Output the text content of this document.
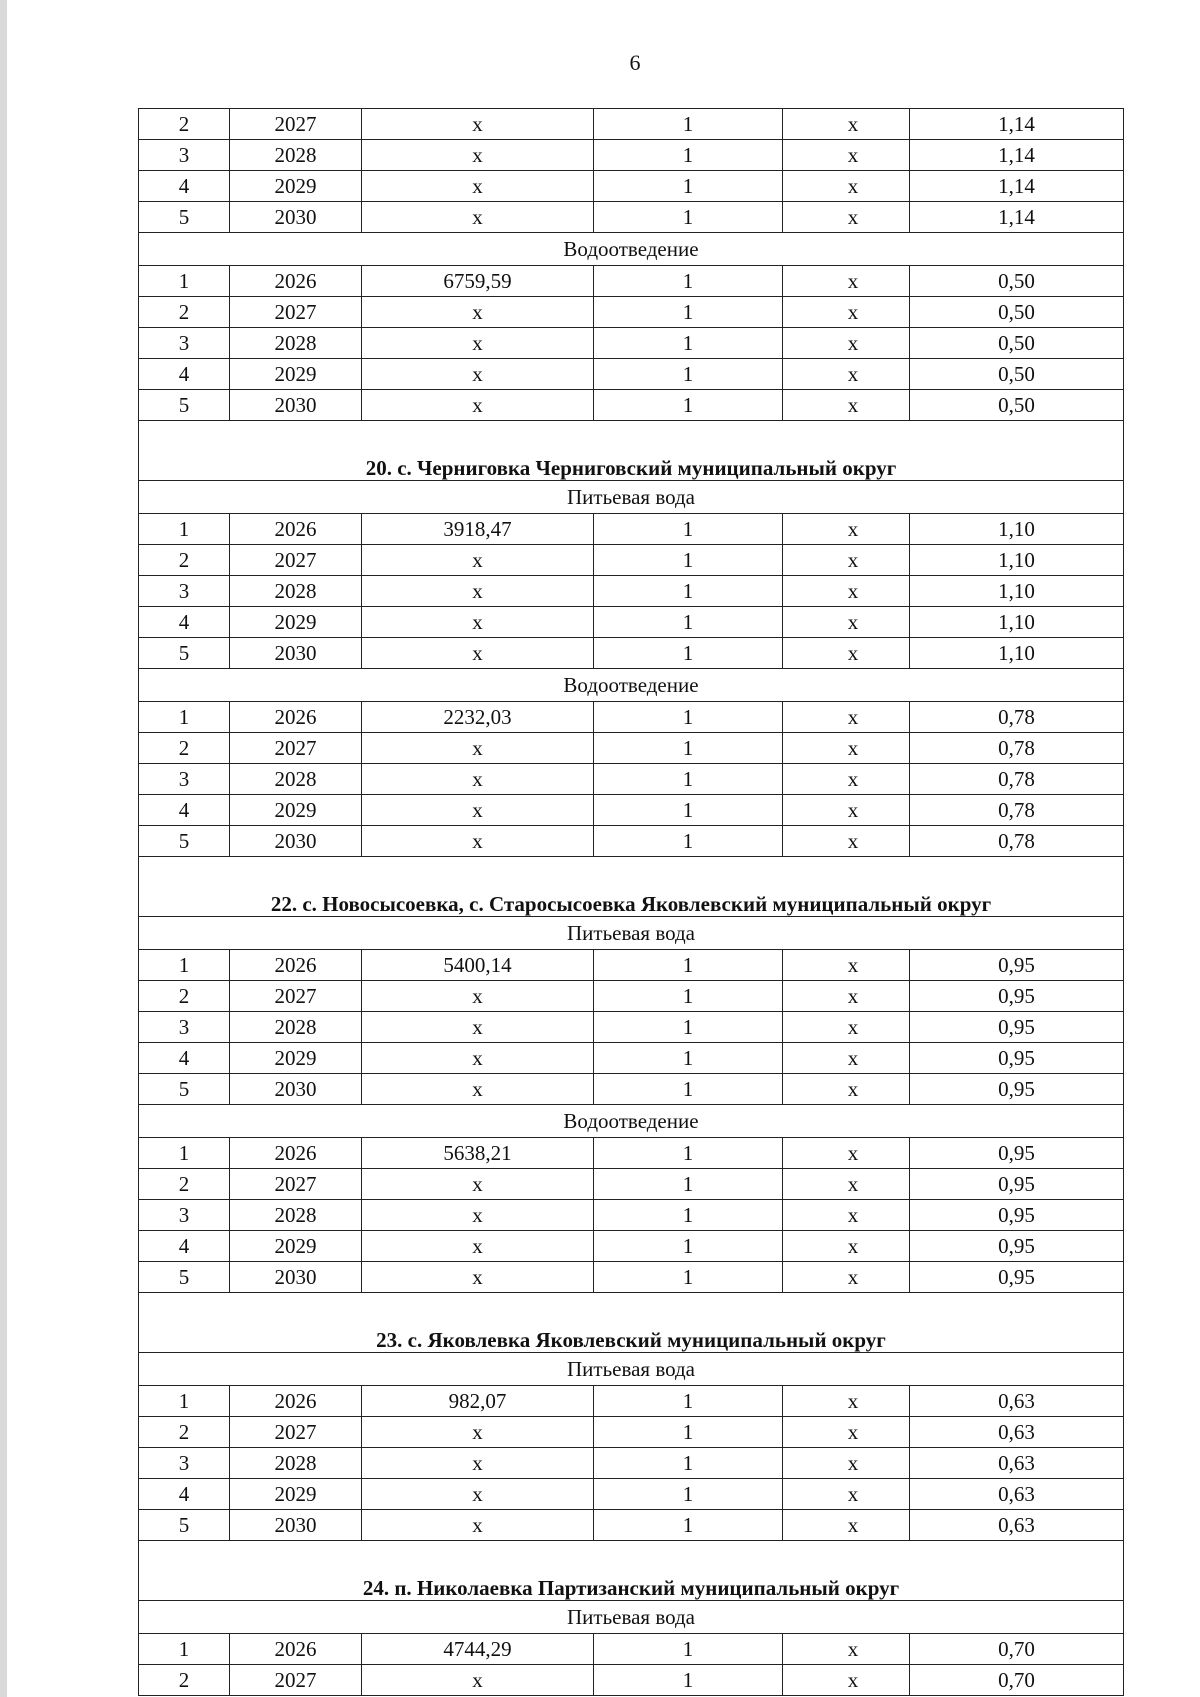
6
2	2027	x	1	x	1,14
3	2028	x	1	x	1,14
4	2029	x	1	x	1,14
5	2030	x	1	x	1,14
Водоотведение					
1	2026	6759,59	1	x	0,50
2	2027	x	1	x	0,50
3	2028	x	1	x	0,50
4	2029	x	1	x	0,50
5	2030	x	1	x	0,50
20. с. Черниговка Черниговский муниципальный округ					
Питьевая вода					
1	2026	3918,47	1	x	1,10
2	2027	x	1	x	1,10
3	2028	x	1	x	1,10
4	2029	x	1	x	1,10
5	2030	x	1	x	1,10
Водоотведение					
1	2026	2232,03	1	x	0,78
2	2027	x	1	x	0,78
3	2028	x	1	x	0,78
4	2029	x	1	x	0,78
5	2030	x	1	x	0,78
22. с. Новосысоевка, с. Старосысоевка Яковлевский муниципальный округ					
Питьевая вода					
1	2026	5400,14	1	x	0,95
2	2027	x	1	x	0,95
3	2028	x	1	x	0,95
4	2029	x	1	x	0,95
5	2030	x	1	x	0,95
Водоотведение					
1	2026	5638,21	1	x	0,95
2	2027	x	1	x	0,95
3	2028	x	1	x	0,95
4	2029	x	1	x	0,95
5	2030	x	1	x	0,95
23. с. Яковлевка Яковлевский муниципальный округ					
Питьевая вода					
1	2026	982,07	1	x	0,63
2	2027	x	1	x	0,63
3	2028	x	1	x	0,63
4	2029	x	1	x	0,63
5	2030	x	1	x	0,63
24. п. Николаевка Партизанский муниципальный округ					
Питьевая вода					
1	2026	4744,29	1	x	0,70
2	2027	x	1	x	0,70
